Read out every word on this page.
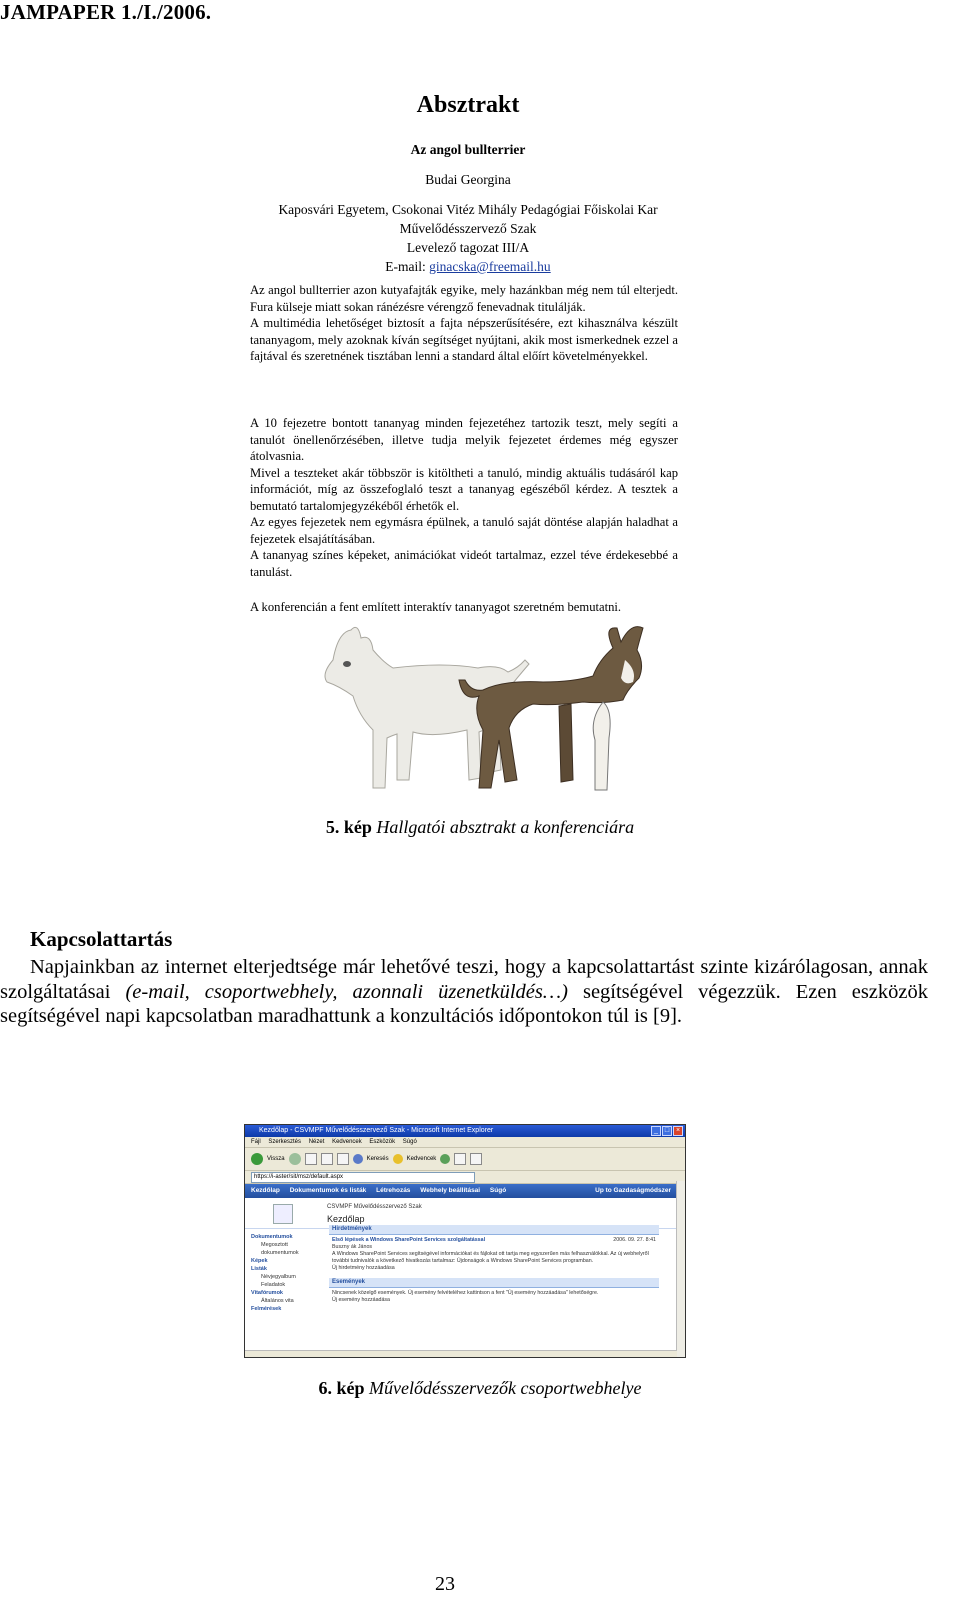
JAMPAPER 1./I./2006.
Absztrakt
Az angol bullterrier
Budai Georgina
Kaposvári Egyetem, Csokonai Vitéz Mihály Pedagógiai Főiskolai Kar
Művelődésszervező Szak
Levelező tagozat III/A
E-mail: ginacska@freemail.hu

Az angol bullterrier azon kutyafajták egyike, mely hazánkban még nem túl elterjedt. Fura külseje miatt sokan ránézésre vérengző fenevadnak titulálják.

A multimédia lehetőséget biztosít a fajta népszerűsítésére, ezt kihasználva készült tananyagom, mely azoknak kíván segítséget nyújtani, akik most ismerkednek ezzel a fajtával és szeretnének tisztában lenni a standard által előírt követelményekkel.

A 10 fejezetre bontott tananyag minden fejezetéhez tartozik teszt, mely segíti a tanulót önellenőrzésében, illetve tudja melyik fejezetet érdemes még egyszer átolvasnia.

Mivel a teszteket akár többször is kitöltheti a tanuló, mindig aktuális tudásáról kap információt, míg az összefoglaló teszt a tananyag egészéből kérdez. A tesztek a bemutató tartalomjegyzékéből érhetők el.

Az egyes fejezetek nem egymásra épülnek, a tanuló saját döntése alapján haladhat a fejezetek elsajátításában.

A tananyag színes képeket, animációkat videót tartalmaz, ezzel téve érdekesebbé a tanulást.

A konferencián a fent említett interaktív tananyagot szeretném bemutatni.

5. kép Hallgatói absztrakt a konferenciára
Kapcsolattartás

Napjainkban az internet elterjedtsége már lehetővé teszi, hogy a kapcsolattartást szinte kizárólagosan, annak szolgáltatásai (e-mail, csoportwebhely, azonnali üzenetküldés…) segítségével végezzük. Ezen eszközök segítségével napi kapcsolatban maradhattunk a konzultációs időpontokon túl is [9].

Kezdőlap - CSVMPF Művelődésszervező Szak - Microsoft Internet Explorer	_ □ ×
Fájl Szerkesztés Nézet Kedvencek Eszközök Súgó
Vissza	Keresés	Kedvencek
https://i-aster/sit/msz/default.aspx
Kezdőlap Dokumentumok és listák Létrehozás Webhely beállításai Súgó	Up to Gazdaságmódszer
CSVMPF Művelődésszervező Szak
Kezdőlap
Dokumentumok
Megosztott dokumentumok
Képek
Listák
Névjegyalbum
Feladatok
Vitafórumok
Általános vita
Felmérések
Hirdetmények
Első lépések a Windows SharePoint Services szolgáltatással	2006. 09. 27. 8:41
Buszny ák János
A Windows SharePoint Services segítségével információkat és fájlokat ott tartja meg egyszerűen más felhasználókkal. Az új webhelyről további tudnivalók a következő hivatkozás tartalmaz: Újdonságok a Windows SharePoint Services programban.
Új hirdetmény hozzáadása
Események
Nincsenek közelgő események. Új esemény felvételéhez kattintson a fent "Új esemény hozzáadása" lehetőségre.
Új esemény hozzáadása
6. kép Művelődésszervezők csoportwebhelye
23
